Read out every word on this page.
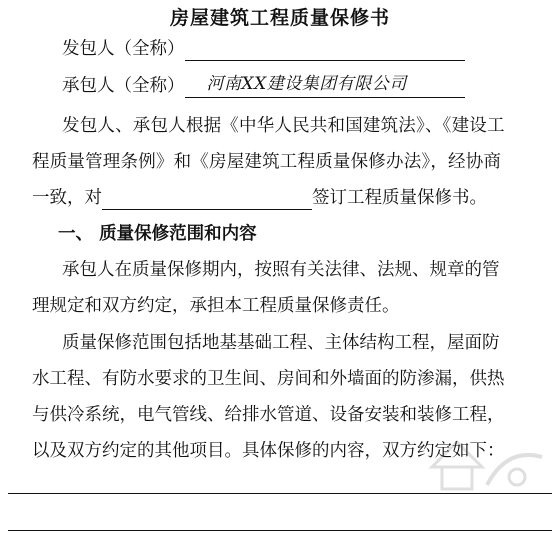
房屋建筑工程质量保修书
发包人（全称）
承包人（全称） 河南XX建设集团有限公司
发包人、承包人根据《中华人民共和国建筑法》、《建设工
程质量管理条例》和《房屋建筑工程质量保修办法》，经协商
一致，对	签订工程质量保修书。
一、 质量保修范围和内容
承包人在质量保修期内，按照有关法律、法规、规章的管
理规定和双方约定，承担本工程质量保修责任。
质量保修范围包括地基基础工程、主体结构工程，屋面防
水工程、有防水要求的卫生间、房间和外墙面的防渗漏，供热
与供冷系统，电气管线、给排水管道、设备安装和装修工程，
以及双方约定的其他项目。具体保修的内容，双方约定如下：
